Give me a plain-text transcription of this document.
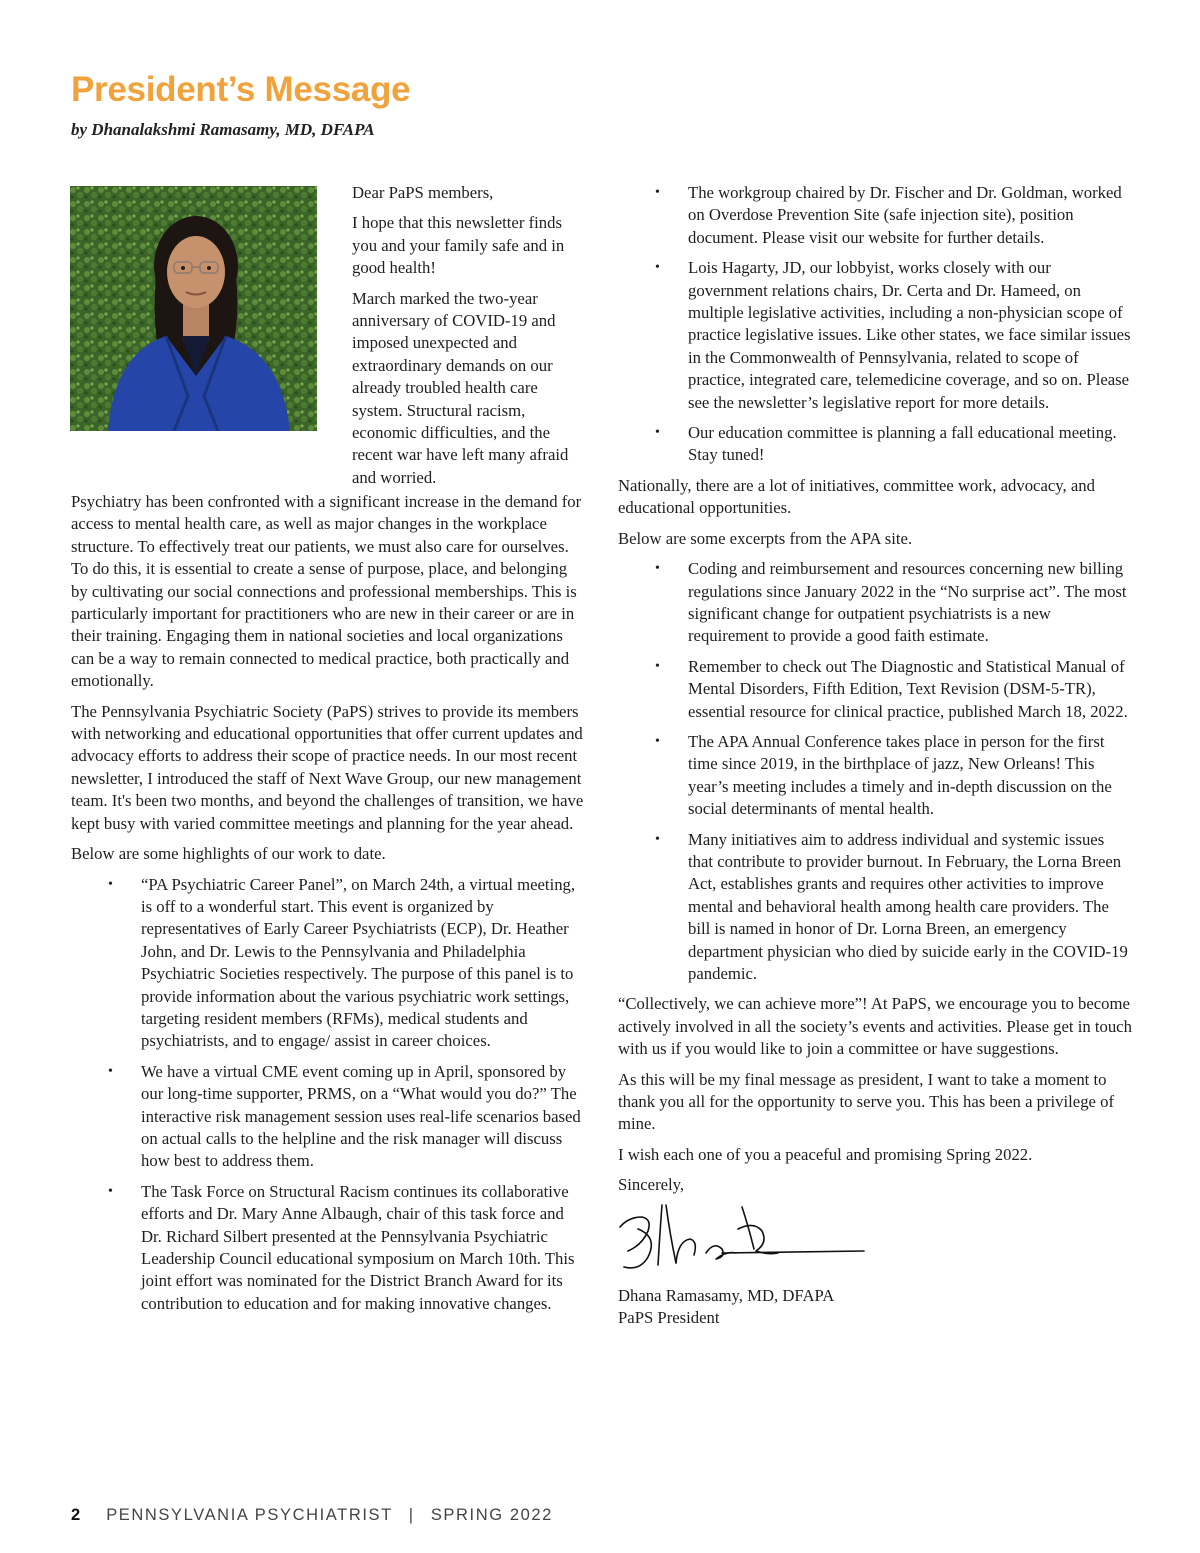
President’s Message
by Dhanalakshmi Ramasamy, MD, DFAPA

Dear PaPS members,

I hope that this newsletter finds you and your family safe and in good health!

March marked the two-year anniversary of COVID-19 and imposed unexpected and extraordinary demands on our already troubled health care system. Structural racism, economic difficulties, and the recent war have left many afraid and worried.

Psychiatry has been confronted with a significant increase in the demand for access to mental health care, as well as major changes in the workplace structure. To effectively treat our patients, we must also care for ourselves. To do this, it is essential to create a sense of purpose, place, and belonging by cultivating our social connections and professional memberships. This is particularly important for practitioners who are new in their career or are in their training. Engaging them in national societies and local organizations can be a way to remain connected to medical practice, both practically and emotionally.

The Pennsylvania Psychiatric Society (PaPS) strives to provide its members with networking and educational opportunities that offer current updates and advocacy efforts to address their scope of practice needs. In our most recent newsletter, I introduced the staff of Next Wave Group, our new management team. It's been two months, and beyond the challenges of transition, we have kept busy with varied committee meetings and planning for the year ahead.

Below are some highlights of our work to date.

• “PA Psychiatric Career Panel”, on March 24th, a virtual meeting, is off to a wonderful start. This event is organized by representatives of Early Career Psychiatrists (ECP), Dr. Heather John, and Dr. Lewis to the Pennsylvania and Philadelphia Psychiatric Societies respectively. The purpose of this panel is to provide information about the various psychiatric work settings, targeting resident members (RFMs), medical students and psychiatrists, and to engage/ assist in career choices.
• We have a virtual CME event coming up in April, sponsored by our long-time supporter, PRMS, on a “What would you do?” The interactive risk management session uses real-life scenarios based on actual calls to the helpline and the risk manager will discuss how best to address them.
• The Task Force on Structural Racism continues its collaborative efforts and Dr. Mary Anne Albaugh, chair of this task force and Dr. Richard Silbert presented at the Pennsylvania Psychiatric Leadership Council educational symposium on March 10th. This joint effort was nominated for the District Branch Award for its contribution to education and for making innovative changes.
• The workgroup chaired by Dr. Fischer and Dr. Goldman, worked on Overdose Prevention Site (safe injection site), position document. Please visit our website for further details.
• Lois Hagarty, JD, our lobbyist, works closely with our government relations chairs, Dr. Certa and Dr. Hameed, on multiple legislative activities, including a non-physician scope of practice legislative issues. Like other states, we face similar issues in the Commonwealth of Pennsylvania, related to scope of practice, integrated care, telemedicine coverage, and so on. Please see the newsletter’s legislative report for more details.
• Our education committee is planning a fall educational meeting. Stay tuned!

Nationally, there are a lot of initiatives, committee work, advocacy, and educational opportunities.

Below are some excerpts from the APA site.

• Coding and reimbursement and resources concerning new billing regulations since January 2022 in the “No surprise act”. The most significant change for outpatient psychiatrists is a new requirement to provide a good faith estimate.
• Remember to check out The Diagnostic and Statistical Manual of Mental Disorders, Fifth Edition, Text Revision (DSM-5-TR), essential resource for clinical practice, published March 18, 2022.
• The APA Annual Conference takes place in person for the first time since 2019, in the birthplace of jazz, New Orleans! This year’s meeting includes a timely and in-depth discussion on the social determinants of mental health.
• Many initiatives aim to address individual and systemic issues that contribute to provider burnout. In February, the Lorna Breen Act, establishes grants and requires other activities to improve mental and behavioral health among health care providers. The bill is named in honor of Dr. Lorna Breen, an emergency department physician who died by suicide early in the COVID-19 pandemic.

“Collectively, we can achieve more”! At PaPS, we encourage you to become actively involved in all the society’s events and activities. Please get in touch with us if you would like to join a committee or have suggestions.

As this will be my final message as president, I want to take a moment to thank you all for the opportunity to serve you. This has been a privilege of mine.

I wish each one of you a peaceful and promising Spring 2022.

Sincerely,

Dhana Ramasamy, MD, DFAPA

PaPS President

2 PENNSYLVANIA PSYCHIATRIST | SPRING 2022
